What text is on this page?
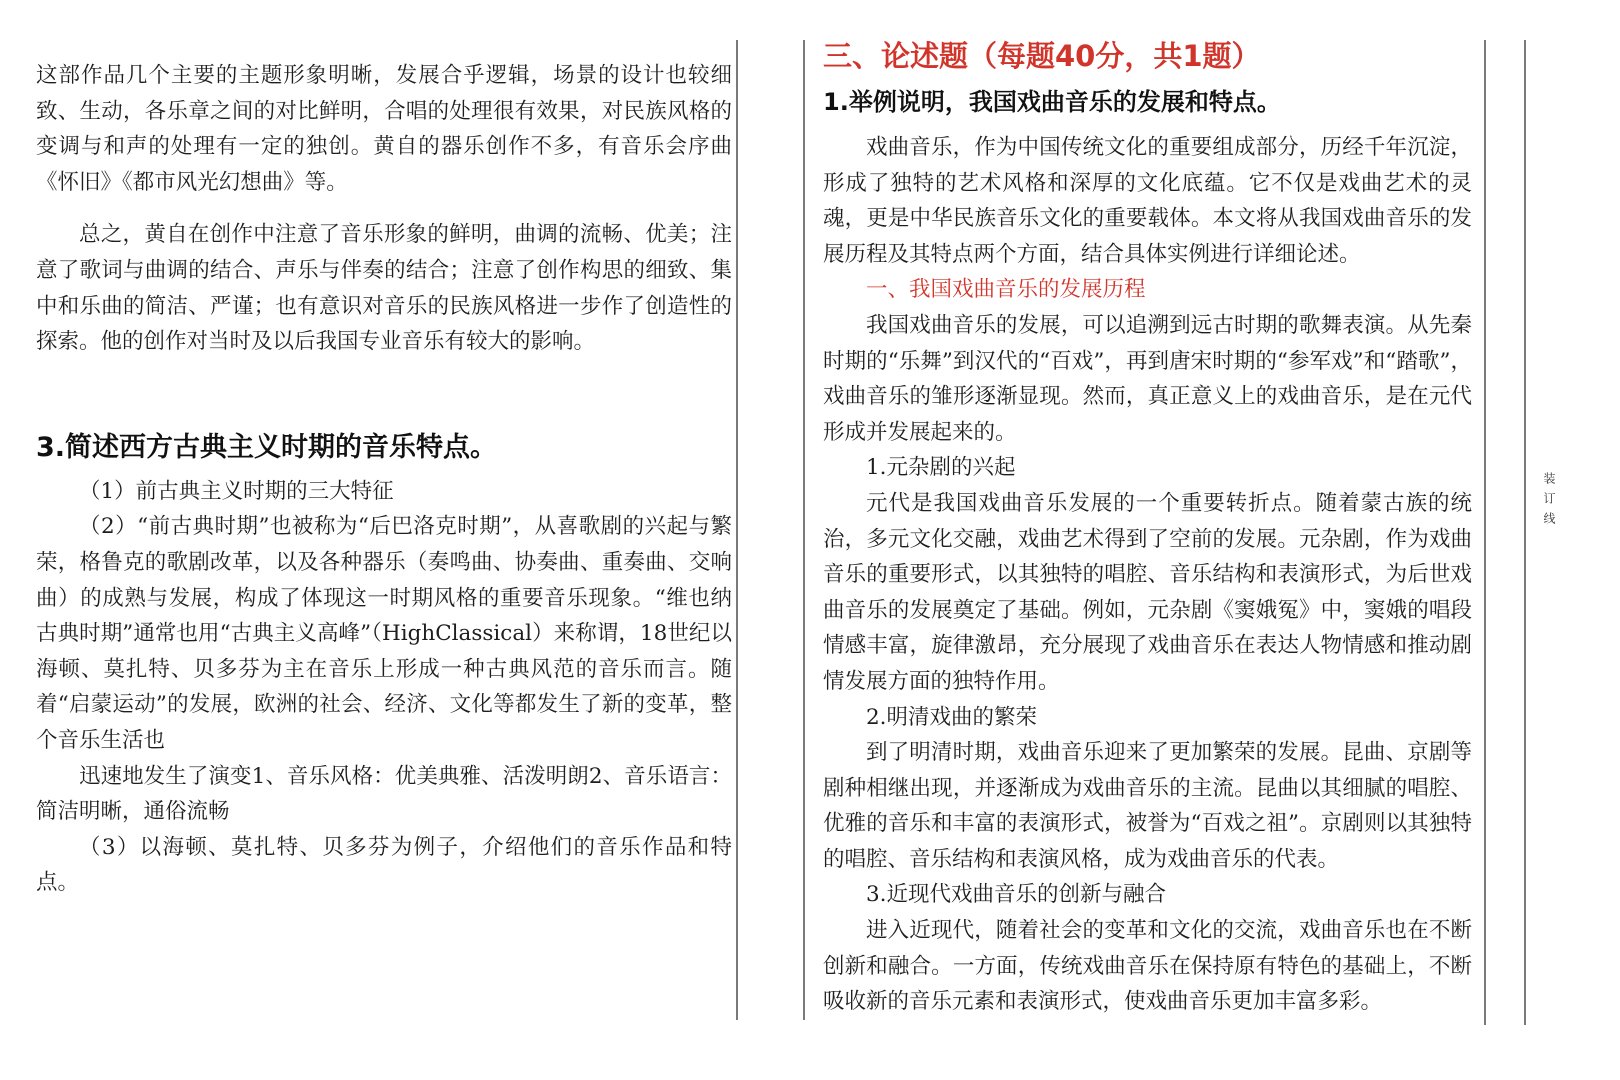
这部作品几个主要的主题形象明晰，发展合乎逻辑，场景的设计也较细致、生动，各乐章之间的对比鲜明，合唱的处理很有效果，对民族风格的变调与和声的处理有一定的独创。黄自的器乐创作不多，有音乐会序曲《怀旧》《都市风光幻想曲》等。

总之，黄自在创作中注意了音乐形象的鲜明，曲调的流畅、优美；注意了歌词与曲调的结合、声乐与伴奏的结合；注意了创作构思的细致、集中和乐曲的简洁、严谨；也有意识对音乐的民族风格进一步作了创造性的探索。他的创作对当时及以后我国专业音乐有较大的影响。

3.简述西方古典主义时期的音乐特点。

（1）前古典主义时期的三大特征

（2）“前古典时期”也被称为“后巴洛克时期”，从喜歌剧的兴起与繁荣，格鲁克的歌剧改革，以及各种器乐（奏鸣曲、协奏曲、重奏曲、交响曲）的成熟与发展，构成了体现这一时期风格的重要音乐现象。“维也纳古典时期”通常也用“古典主义高峰”（HighClassical）来称谓，18世纪以海顿、莫扎特、贝多芬为主在音乐上形成一种古典风范的音乐而言。随着“启蒙运动”的发展，欧洲的社会、经济、文化等都发生了新的变革，整个音乐生活也

迅速地发生了演变1、音乐风格：优美典雅、活泼明朗2、音乐语言：简洁明晰，通俗流畅

（3）以海顿、莫扎特、贝多芬为例子，介绍他们的音乐作品和特点。

三、论述题（每题40分，共1题）
1.举例说明，我国戏曲音乐的发展和特点。

戏曲音乐，作为中国传统文化的重要组成部分，历经千年沉淀，形成了独特的艺术风格和深厚的文化底蕴。它不仅是戏曲艺术的灵魂，更是中华民族音乐文化的重要载体。本文将从我国戏曲音乐的发展历程及其特点两个方面，结合具体实例进行详细论述。

一、我国戏曲音乐的发展历程

我国戏曲音乐的发展，可以追溯到远古时期的歌舞表演。从先秦时期的“乐舞”到汉代的“百戏”，再到唐宋时期的“参军戏”和“踏歌”，戏曲音乐的雏形逐渐显现。然而，真正意义上的戏曲音乐，是在元代形成并发展起来的。

1.元杂剧的兴起

元代是我国戏曲音乐发展的一个重要转折点。随着蒙古族的统治，多元文化交融，戏曲艺术得到了空前的发展。元杂剧，作为戏曲音乐的重要形式，以其独特的唱腔、音乐结构和表演形式，为后世戏曲音乐的发展奠定了基础。例如，元杂剧《窦娥冤》中，窦娥的唱段情感丰富，旋律激昂，充分展现了戏曲音乐在表达人物情感和推动剧情发展方面的独特作用。

2.明清戏曲的繁荣

到了明清时期，戏曲音乐迎来了更加繁荣的发展。昆曲、京剧等剧种相继出现，并逐渐成为戏曲音乐的主流。昆曲以其细腻的唱腔、优雅的音乐和丰富的表演形式，被誉为“百戏之祖”。京剧则以其独特的唱腔、音乐结构和表演风格，成为戏曲音乐的代表。

3.近现代戏曲音乐的创新与融合

进入近现代，随着社会的变革和文化的交流，戏曲音乐也在不断创新和融合。一方面，传统戏曲音乐在保持原有特色的基础上，不断吸收新的音乐元素和表演形式，使戏曲音乐更加丰富多彩。

装订线
